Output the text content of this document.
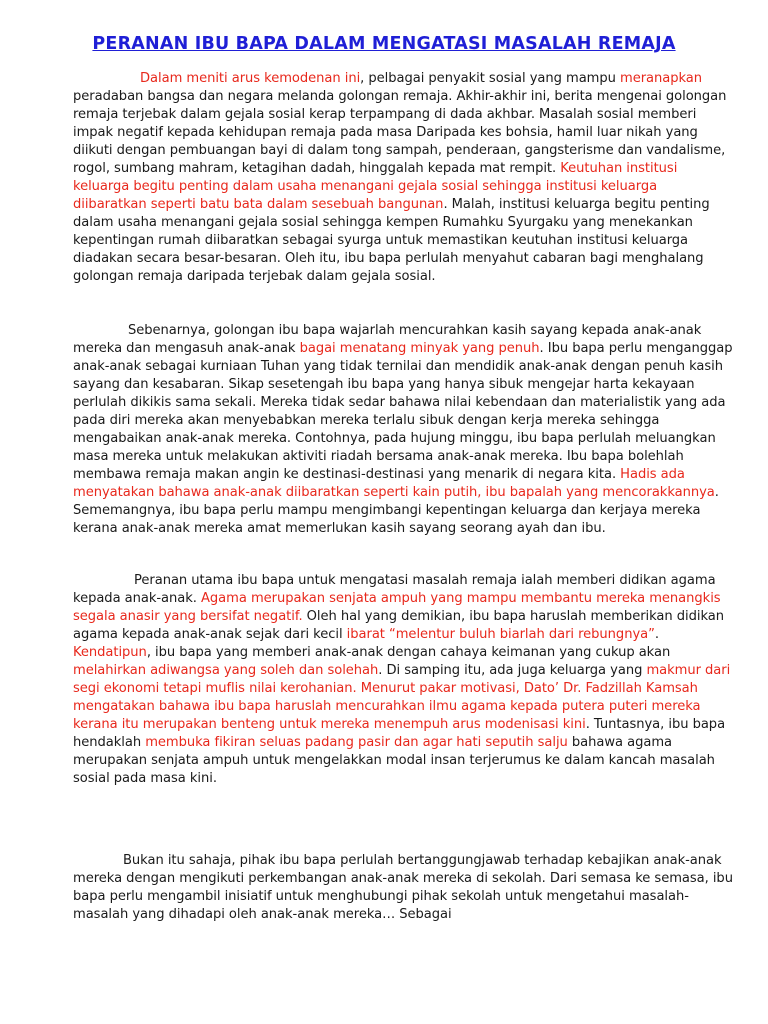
PERANAN IBU BAPA DALAM MENGATASI MASALAH REMAJA
Dalam meniti arus kemodenan ini, pelbagai penyakit sosial yang mampu meranapkan peradaban bangsa dan negara melanda golongan remaja. Akhir-akhir ini, berita mengenai golongan remaja terjebak dalam gejala sosial kerap terpampang di dada akhbar. Masalah sosial memberi impak negatif kepada kehidupan remaja pada masa Daripada kes bohsia, hamil luar nikah yang diikuti dengan pembuangan bayi di dalam tong sampah, penderaan, gangsterisme dan vandalisme, rogol, sumbang mahram, ketagihan dadah, hinggalah kepada mat rempit. Keutuhan institusi keluarga begitu penting dalam usaha menangani gejala sosial sehingga institusi keluarga diibaratkan seperti batu bata dalam sesebuah bangunan. Malah, institusi keluarga begitu penting dalam usaha menangani gejala sosial sehingga kempen Rumahku Syurgaku yang menekankan kepentingan rumah diibaratkan sebagai syurga untuk memastikan keutuhan institusi keluarga diadakan secara besar-besaran. Oleh itu, ibu bapa perlulah menyahut cabaran bagi menghalang golongan remaja daripada terjebak dalam gejala sosial.
Sebenarnya, golongan ibu bapa wajarlah mencurahkan kasih sayang kepada anak-anak mereka dan mengasuh anak-anak bagai menatang minyak yang penuh. Ibu bapa perlu menganggap anak-anak sebagai kurniaan Tuhan yang tidak ternilai dan mendidik anak-anak dengan penuh kasih sayang dan kesabaran. Sikap sesetengah ibu bapa yang hanya sibuk mengejar harta kekayaan perlulah dikikis sama sekali. Mereka tidak sedar bahawa nilai kebendaan dan materialistik yang ada pada diri mereka akan menyebabkan mereka terlalu sibuk dengan kerja mereka sehingga mengabaikan anak-anak mereka. Contohnya, pada hujung minggu, ibu bapa perlulah meluangkan masa mereka untuk melakukan aktiviti riadah bersama anak-anak mereka. Ibu bapa bolehlah membawa remaja makan angin ke destinasi-destinasi yang menarik di negara kita. Hadis ada menyatakan bahawa anak-anak diibaratkan seperti kain putih, ibu bapalah yang mencorakkannya. Sememangnya, ibu bapa perlu mampu mengimbangi kepentingan keluarga dan kerjaya mereka kerana anak-anak mereka amat memerlukan kasih sayang seorang ayah dan ibu.
Peranan utama ibu bapa untuk mengatasi masalah remaja ialah memberi didikan agama kepada anak-anak. Agama merupakan senjata ampuh yang mampu membantu mereka menangkis segala anasir yang bersifat negatif. Oleh hal yang demikian, ibu bapa haruslah memberikan didikan agama kepada anak-anak sejak dari kecil ibarat “melentur buluh biarlah dari rebungnya”. Kendatipun, ibu bapa yang memberi anak-anak dengan cahaya keimanan yang cukup akan melahirkan adiwangsa yang soleh dan solehah. Di samping itu, ada juga keluarga yang makmur dari segi ekonomi tetapi muflis nilai kerohanian. Menurut pakar motivasi, Dato’ Dr. Fadzillah Kamsah mengatakan bahawa ibu bapa haruslah mencurahkan ilmu agama kepada putera puteri mereka kerana itu merupakan benteng untuk mereka menempuh arus modenisasi kini. Tuntasnya, ibu bapa hendaklah membuka fikiran seluas padang pasir dan agar hati seputih salju bahawa agama merupakan senjata ampuh untuk mengelakkan modal insan terjerumus ke dalam kancah masalah sosial pada masa kini.
Bukan itu sahaja, pihak ibu bapa perlulah bertanggungjawab terhadap kebajikan anak-anak mereka dengan mengikuti perkembangan anak-anak mereka di sekolah. Dari semasa ke semasa, ibu bapa perlu mengambil inisiatif untuk menghubungi pihak sekolah untuk mengetahui masalah-masalah yang dihadapi oleh anak-anak mereka… Sebagai
